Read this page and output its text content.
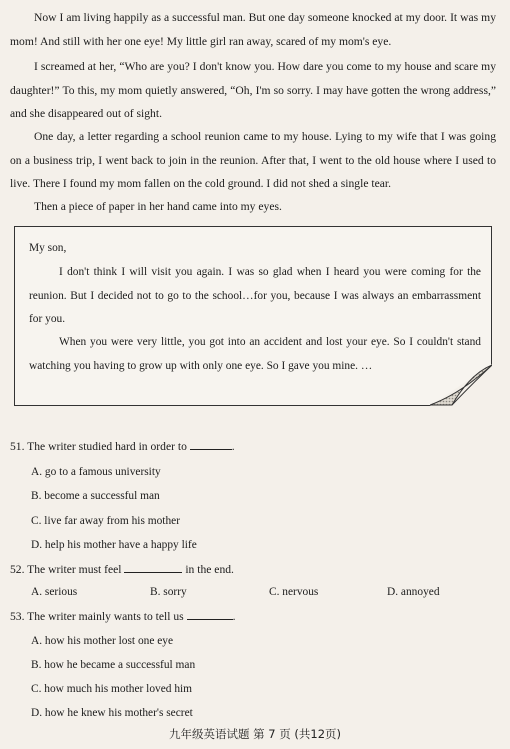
Now I am living happily as a successful man. But one day someone knocked at my door. It was my mom! And still with her one eye! My little girl ran away, scared of my mom's eye.

I screamed at her, “Who are you? I don't know you. How dare you come to my house and scare my daughter!” To this, my mom quietly answered, “Oh, I'm so sorry. I may have gotten the wrong address,” and she disappeared out of sight.

One day, a letter regarding a school reunion came to my house. Lying to my wife that I was going on a business trip, I went back to join in the reunion. After that, I went to the old house where I used to live. There I found my mom fallen on the cold ground. I did not shed a single tear.

Then a piece of paper in her hand came into my eyes.

My son,

I don't think I will visit you again. I was so glad when I heard you were coming for the reunion. But I decided not to go to the school…for you, because I was always an embarrassment for you.

When you were very little, you got into an accident and lost your eye. So I couldn't stand watching you having to grow up with only one eye. So I gave you mine. …

51. The writer studied hard in order to	.

A. go to a famous university

B. become a successful man

C. live far away from his mother

D. help his mother have a happy life

52. The writer must feel	in the end.

A. serious	B. sorry	C. nervous	D. annoyed

53. The writer mainly wants to tell us	.

A. how his mother lost one eye

B. how he became a successful man

C. how much his mother loved him

D. how he knew his mother's secret

九年级英语试题 第 7 页 (共12页)
